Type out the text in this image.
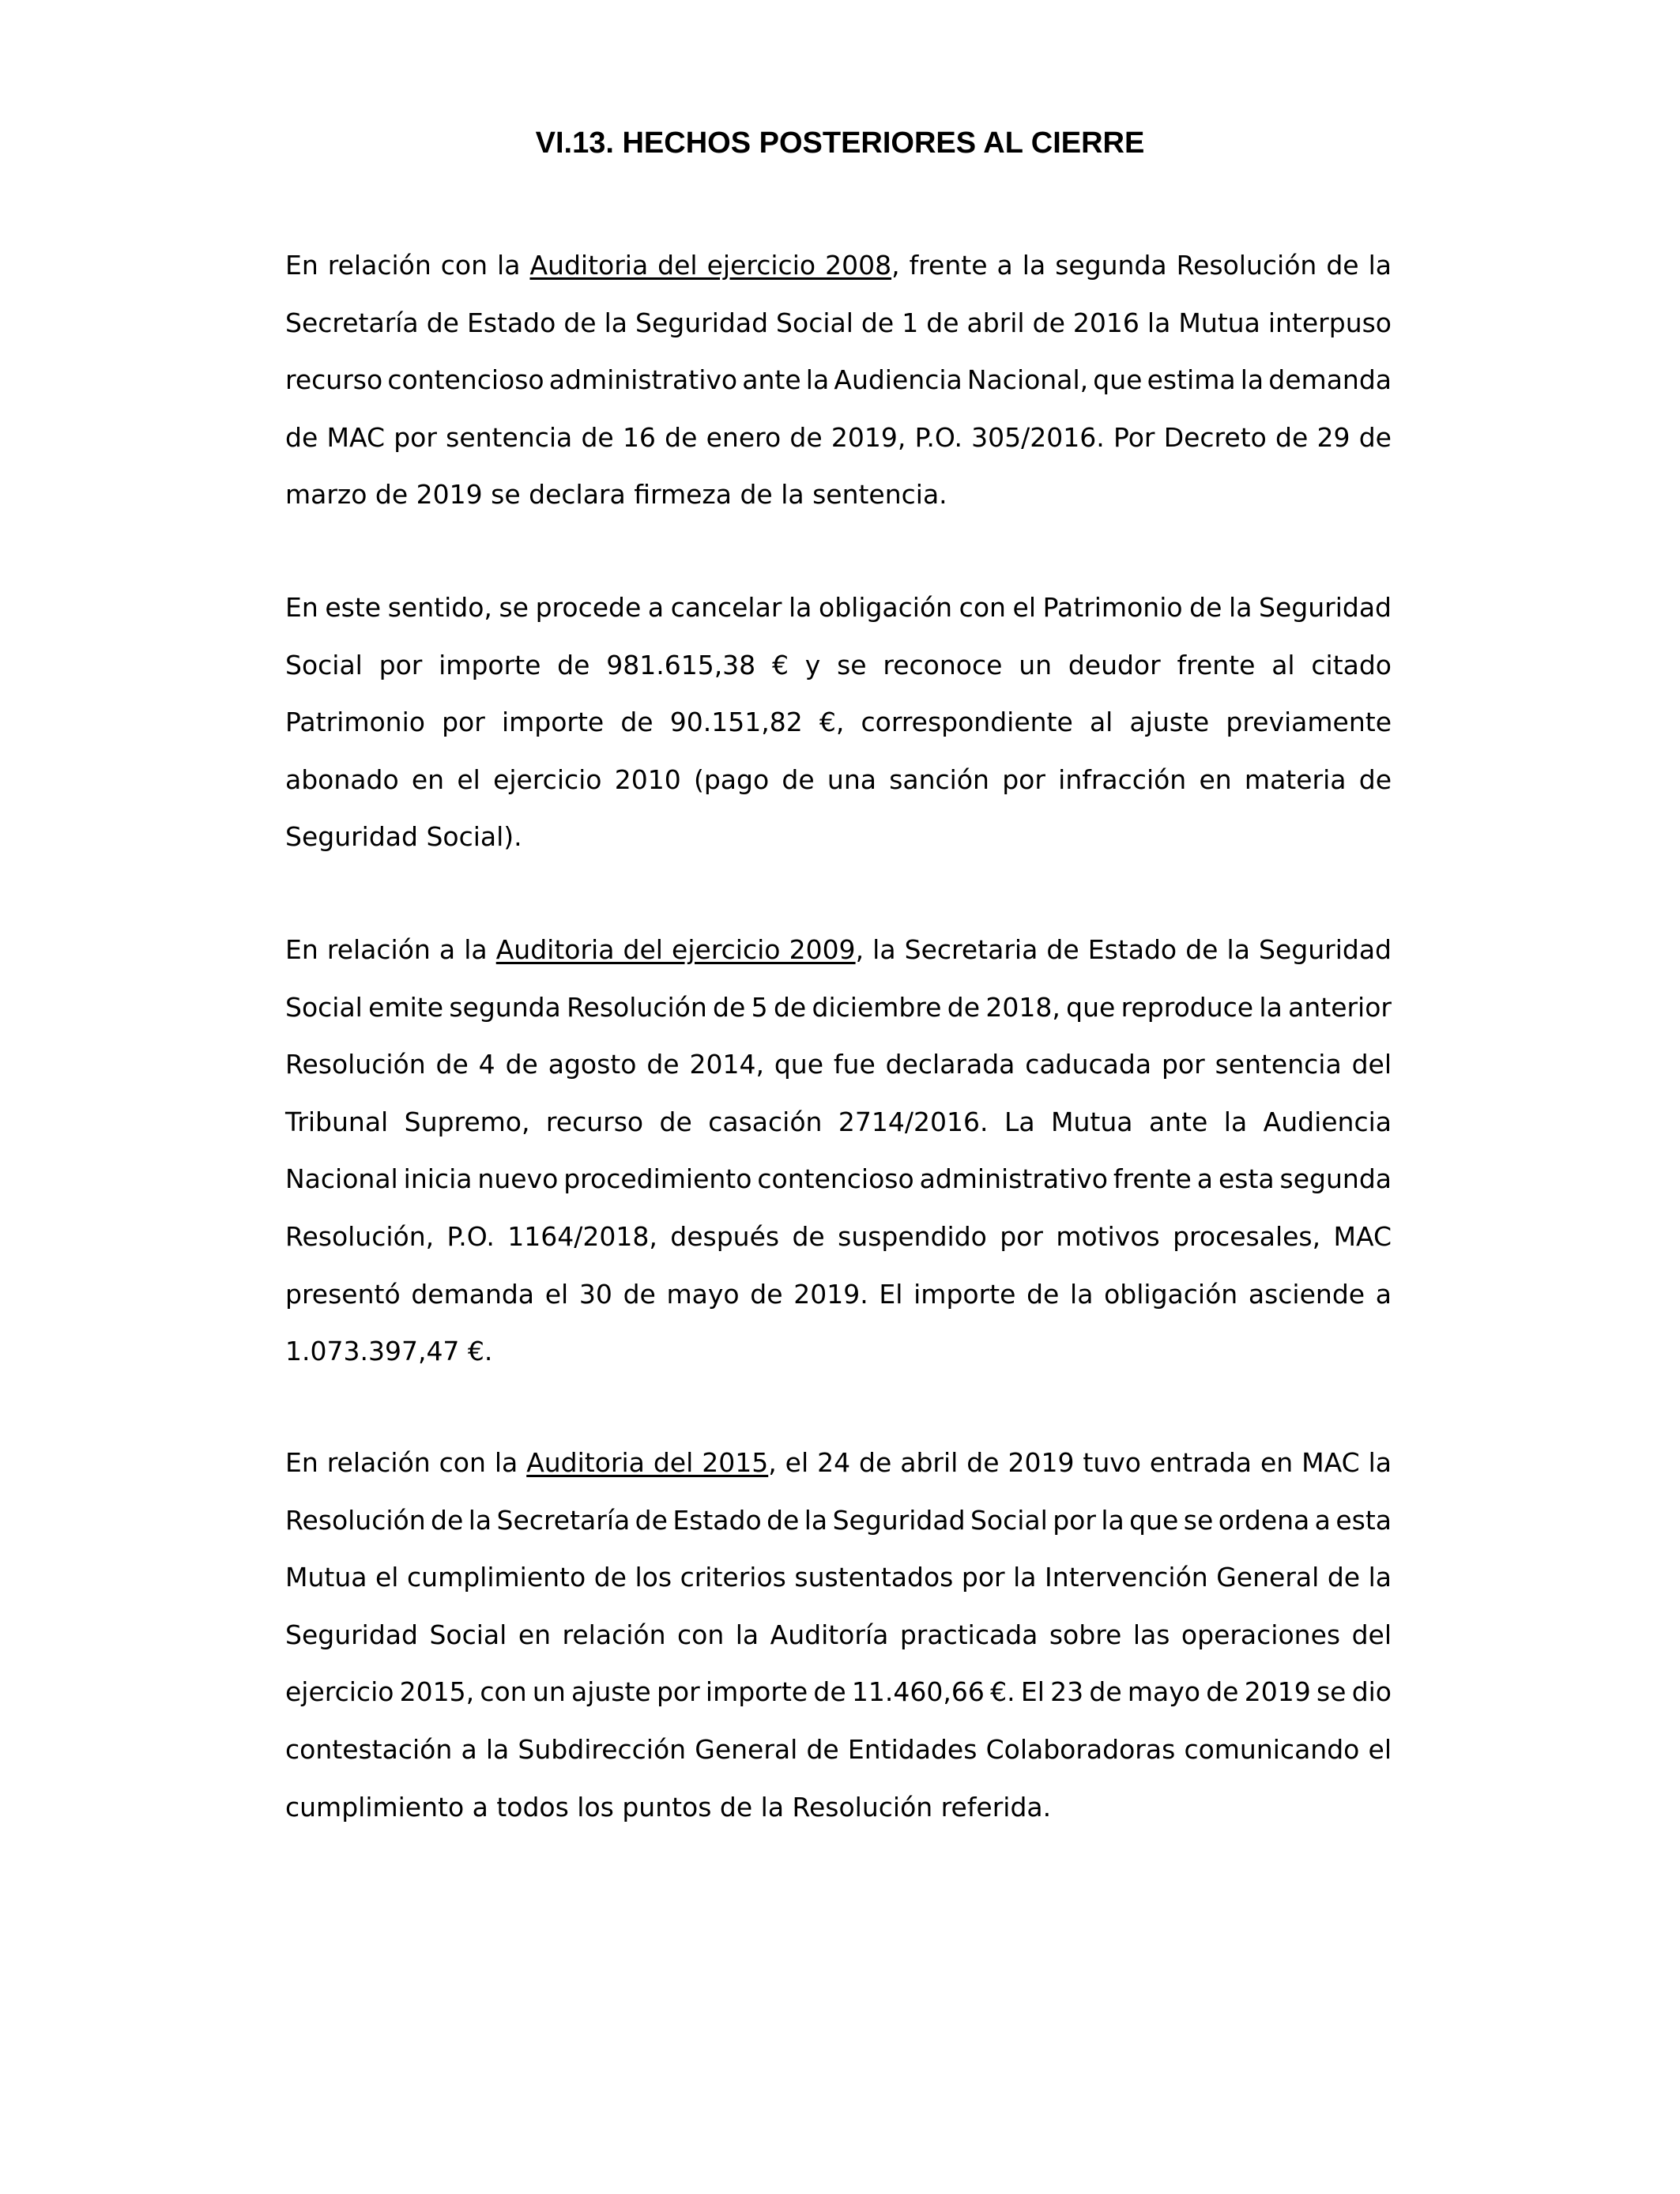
VI.13. HECHOS POSTERIORES AL CIERRE
En relación con la Auditoria del ejercicio 2008, frente a la segunda Resolución de la
Secretaría de Estado de la Seguridad Social de 1 de abril de 2016 la Mutua interpuso
recurso contencioso administrativo ante la Audiencia Nacional, que estima la demanda
de MAC por sentencia de 16 de enero de 2019, P.O. 305/2016. Por Decreto de 29 de
marzo de 2019 se declara firmeza de la sentencia.
En este sentido, se procede a cancelar la obligación con el Patrimonio de la Seguridad
Social por importe de 981.615,38 € y se reconoce un deudor frente al citado
Patrimonio por importe de 90.151,82 €, correspondiente al ajuste previamente
abonado en el ejercicio 2010 (pago de una sanción por infracción en materia de
Seguridad Social).
En relación a la Auditoria del ejercicio 2009, la Secretaria de Estado de la Seguridad
Social emite segunda Resolución de 5 de diciembre de 2018, que reproduce la anterior
Resolución de 4 de agosto de 2014, que fue declarada caducada por sentencia del
Tribunal Supremo, recurso de casación 2714/2016. La Mutua ante la Audiencia
Nacional inicia nuevo procedimiento contencioso administrativo frente a esta segunda
Resolución, P.O. 1164/2018, después de suspendido por motivos procesales, MAC
presentó demanda el 30 de mayo de 2019. El importe de la obligación asciende a
1.073.397,47 €.
En relación con la Auditoria del 2015, el 24 de abril de 2019 tuvo entrada en MAC la
Resolución de la Secretaría de Estado de la Seguridad Social por la que se ordena a esta
Mutua el cumplimiento de los criterios sustentados por la Intervención General de la
Seguridad Social en relación con la Auditoría practicada sobre las operaciones del
ejercicio 2015, con un ajuste por importe de 11.460,66 €. El 23 de mayo de 2019 se dio
contestación a la Subdirección General de Entidades Colaboradoras comunicando el
cumplimiento a todos los puntos de la Resolución referida.
